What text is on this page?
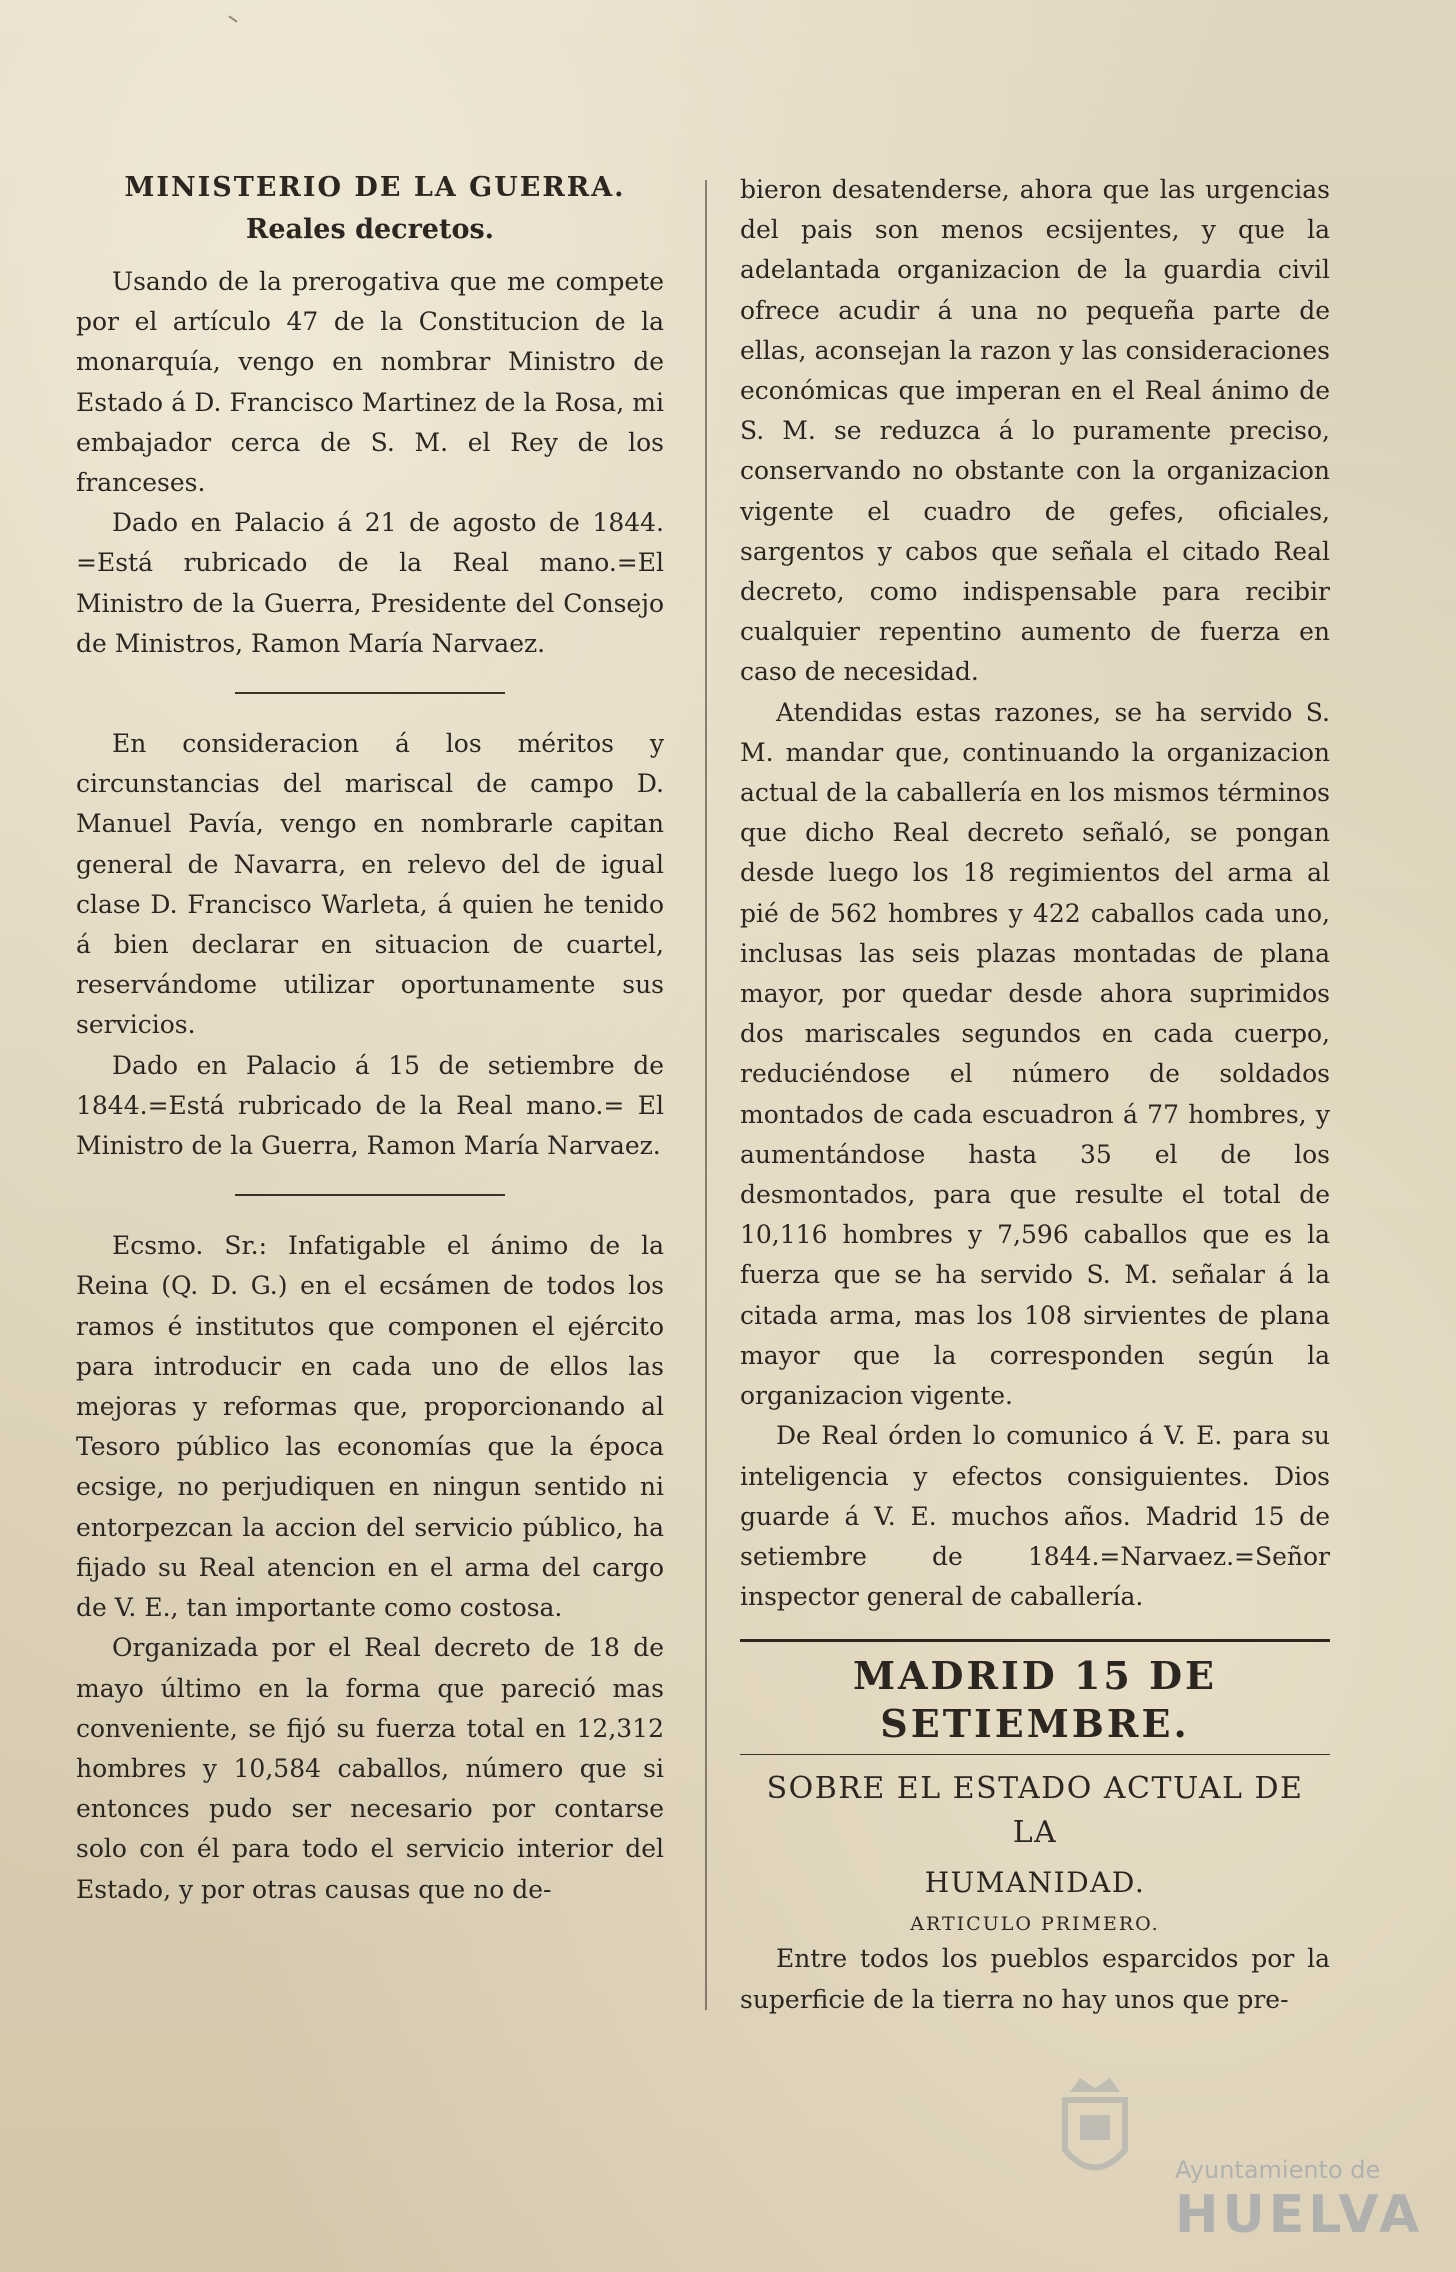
MINISTERIO DE LA GUERRA.
Reales decretos.

Usando de la prerogativa que me compete por el artículo 47 de la Constitucion de la monarquía, vengo en nombrar Ministro de Estado á D. Francisco Martinez de la Rosa, mi embajador cerca de S. M. el Rey de los franceses.

Dado en Palacio á 21 de agosto de 1844. =Está rubricado de la Real mano.=El Ministro de la Guerra, Presidente del Consejo de Ministros, Ramon María Narvaez.

En consideracion á los méritos y circunstancias del mariscal de campo D. Manuel Pavía, vengo en nombrarle capitan general de Navarra, en relevo del de igual clase D. Francisco Warleta, á quien he tenido á bien declarar en situacion de cuartel, reservándome utilizar oportunamente sus servicios.

Dado en Palacio á 15 de setiembre de 1844.=Está rubricado de la Real mano.= El Ministro de la Guerra, Ramon María Narvaez.

Ecsmo. Sr.: Infatigable el ánimo de la Reina (Q. D. G.) en el ecsámen de todos los ramos é institutos que componen el ejército para introducir en cada uno de ellos las mejoras y reformas que, proporcionando al Tesoro público las economías que la época ecsige, no perjudiquen en ningun sentido ni entorpezcan la accion del servicio público, ha fijado su Real atencion en el arma del cargo de V. E., tan importante como costosa.

Organizada por el Real decreto de 18 de mayo último en la forma que pareció mas conveniente, se fijó su fuerza total en 12,312 hombres y 10,584 caballos, número que si entonces pudo ser necesario por contarse solo con él para todo el servicio interior del Estado, y por otras causas que no de-

bieron desatenderse, ahora que las urgencias del pais son menos ecsijentes, y que la adelantada organizacion de la guardia civil ofrece acudir á una no pequeña parte de ellas, aconsejan la razon y las consideraciones económicas que imperan en el Real ánimo de S. M. se reduzca á lo puramente preciso, conservando no obstante con la organizacion vigente el cuadro de gefes, oficiales, sargentos y cabos que señala el citado Real decreto, como indispensable para recibir cualquier repentino aumento de fuerza en caso de necesidad.

Atendidas estas razones, se ha servido S. M. mandar que, continuando la organizacion actual de la caballería en los mismos términos que dicho Real decreto señaló, se pongan desde luego los 18 regimientos del arma al pié de 562 hombres y 422 caballos cada uno, inclusas las seis plazas montadas de plana mayor, por quedar desde ahora suprimidos dos mariscales segundos en cada cuerpo, reduciéndose el número de soldados montados de cada escuadron á 77 hombres, y aumentándose hasta 35 el de los desmontados, para que resulte el total de 10,116 hombres y 7,596 caballos que es la fuerza que se ha servido S. M. señalar á la citada arma, mas los 108 sirvientes de plana mayor que la corresponden según la organizacion vigente.

De Real órden lo comunico á V. E. para su inteligencia y efectos consiguientes. Dios guarde á V. E. muchos años. Madrid 15 de setiembre de 1844.=Narvaez.=Señor inspector general de caballería.

MADRID 15 DE SETIEMBRE.
SOBRE EL ESTADO ACTUAL DE LA
HUMANIDAD.
ARTICULO PRIMERO.

Entre todos los pueblos esparcidos por la superficie de la tierra no hay unos que pre-

Ayuntamiento de
HUELVA
